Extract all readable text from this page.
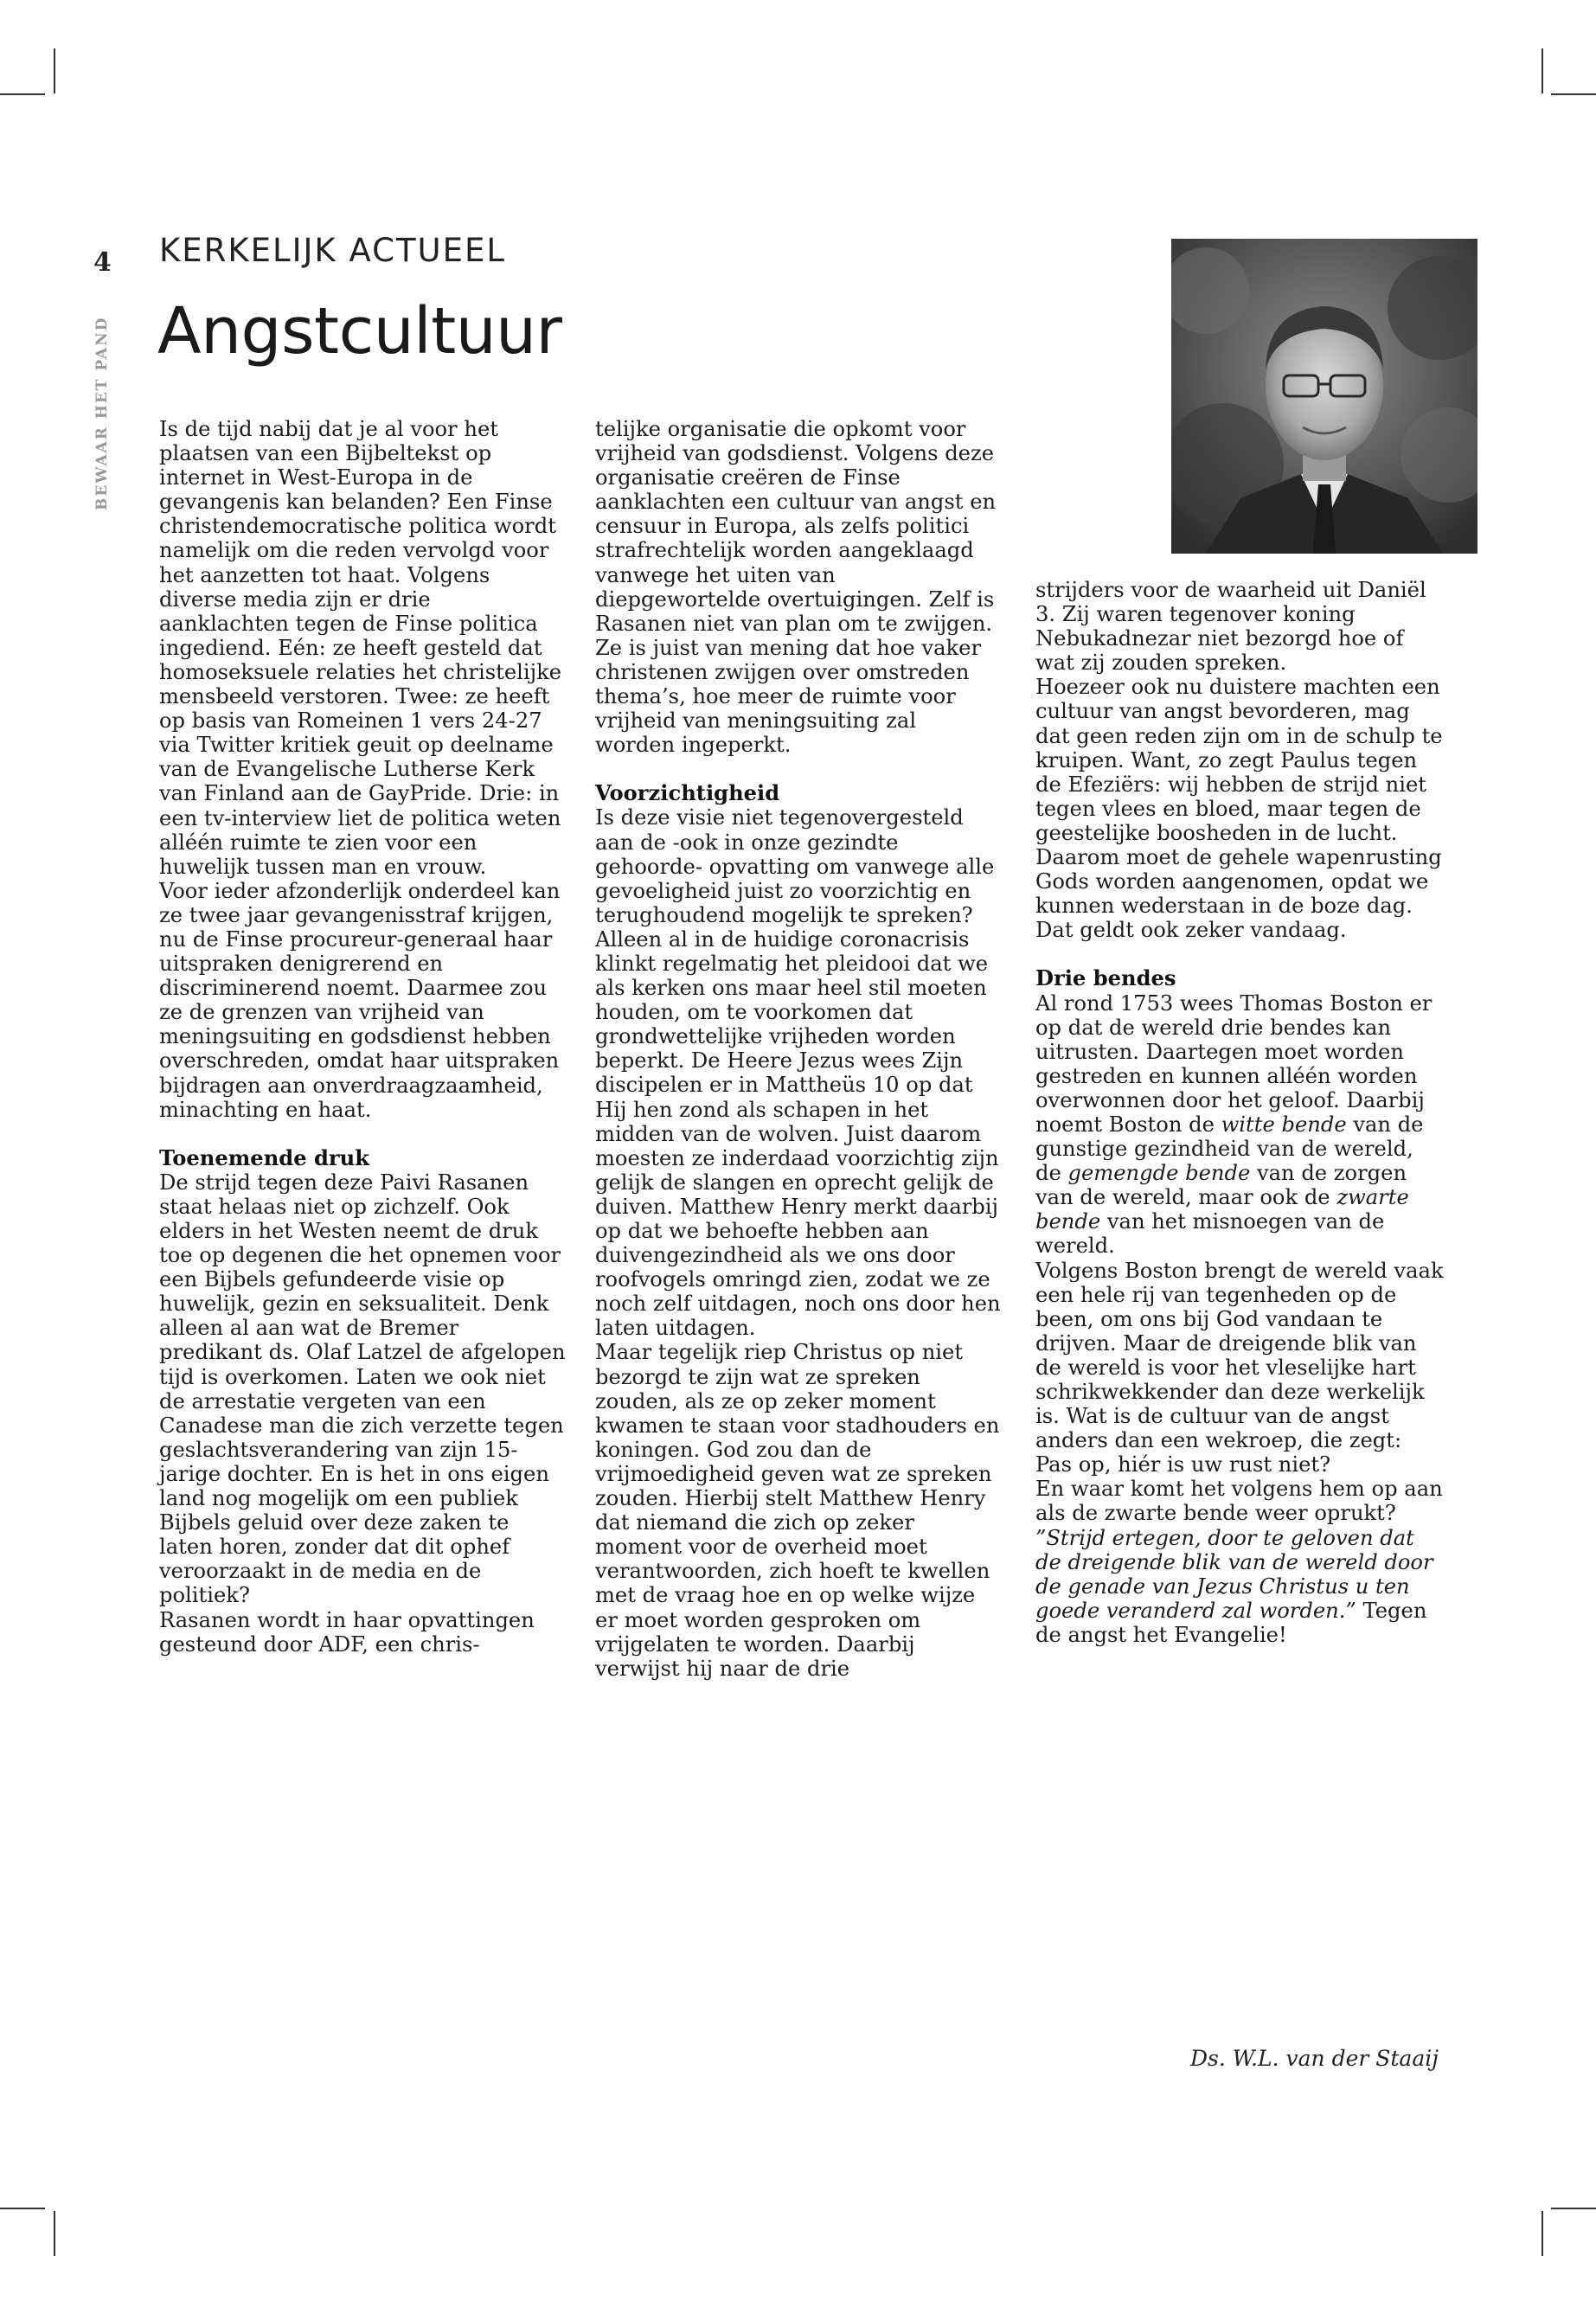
4
BEWAAR HET PAND
KERKELIJK ACTUEEL
Angstcultuur

Is de tijd nabij dat je al voor het plaatsen van een Bijbeltekst op internet in West-Europa in de gevangenis kan belanden? Een Finse christendemocratische politica wordt namelijk om die reden vervolgd voor het aanzetten tot haat. Volgens diverse media zijn er drie aanklachten tegen de Finse politica ingediend. Eén: ze heeft gesteld dat homoseksuele relaties het christelijke mensbeeld verstoren. Twee: ze heeft op basis van Romeinen 1 vers 24-27 via Twitter kritiek geuit op deelname van de Evangelische Lutherse Kerk van Finland aan de GayPride. Drie: in een tv-interview liet de politica weten alléén ruimte te zien voor een huwelijk tussen man en vrouw.

Voor ieder afzonderlijk onderdeel kan ze twee jaar gevangenisstraf krijgen, nu de Finse procureur-generaal haar uitspraken denigrerend en discriminerend noemt. Daarmee zou ze de grenzen van vrijheid van meningsuiting en godsdienst hebben overschreden, omdat haar uitspraken bijdragen aan onverdraagzaamheid, minachting en haat.

Toenemende druk

De strijd tegen deze Paivi Rasanen staat helaas niet op zichzelf. Ook elders in het Westen neemt de druk toe op degenen die het opnemen voor een Bijbels gefundeerde visie op huwelijk, gezin en seksualiteit. Denk alleen al aan wat de Bremer predikant ds. Olaf Latzel de afgelopen tijd is overkomen. Laten we ook niet de arrestatie vergeten van een Canadese man die zich verzette tegen geslachtsverandering van zijn 15-jarige dochter. En is het in ons eigen land nog mogelijk om een publiek Bijbels geluid over deze zaken te laten horen, zonder dat dit ophef veroorzaakt in de media en de politiek?

Rasanen wordt in haar opvattingen gesteund door ADF, een chris-

telijke organisatie die opkomt voor vrijheid van godsdienst. Volgens deze organisatie creëren de Finse aanklachten een cultuur van angst en censuur in Europa, als zelfs politici strafrechtelijk worden aangeklaagd vanwege het uiten van diepgewortelde overtuigingen. Zelf is Rasanen niet van plan om te zwijgen. Ze is juist van mening dat hoe vaker christenen zwijgen over omstreden thema’s, hoe meer de ruimte voor vrijheid van meningsuiting zal worden ingeperkt.

Voorzichtigheid

Is deze visie niet tegenovergesteld aan de -ook in onze gezindte gehoorde- opvatting om vanwege alle gevoeligheid juist zo voorzichtig en terughoudend mogelijk te spreken? Alleen al in de huidige coronacrisis klinkt regelmatig het pleidooi dat we als kerken ons maar heel stil moeten houden, om te voorkomen dat grondwettelijke vrijheden worden beperkt. De Heere Jezus wees Zijn discipelen er in Mattheüs 10 op dat Hij hen zond als schapen in het midden van de wolven. Juist daarom moesten ze inderdaad voorzichtig zijn gelijk de slangen en oprecht gelijk de duiven. Matthew Henry merkt daarbij op dat we behoefte hebben aan duivengezindheid als we ons door roofvogels omringd zien, zodat we ze noch zelf uitdagen, noch ons door hen laten uitdagen.

Maar tegelijk riep Christus op niet bezorgd te zijn wat ze spreken zouden, als ze op zeker moment kwamen te staan voor stadhouders en koningen. God zou dan de vrijmoedigheid geven wat ze spreken zouden. Hierbij stelt Matthew Henry dat niemand die zich op zeker moment voor de overheid moet verantwoorden, zich hoeft te kwellen met de vraag hoe en op welke wijze er moet worden gesproken om vrijgelaten te worden. Daarbij verwijst hij naar de drie

strijders voor de waarheid uit Daniël 3. Zij waren tegenover koning Nebukadnezar niet bezorgd hoe of wat zij zouden spreken.

Hoezeer ook nu duistere machten een cultuur van angst bevorderen, mag dat geen reden zijn om in de schulp te kruipen. Want, zo zegt Paulus tegen de Efeziërs: wij hebben de strijd niet tegen vlees en bloed, maar tegen de geestelijke boosheden in de lucht. Daarom moet de gehele wapenrusting Gods worden aangenomen, opdat we kunnen wederstaan in de boze dag. Dat geldt ook zeker vandaag.

Drie bendes

Al rond 1753 wees Thomas Boston er op dat de wereld drie bendes kan uitrusten. Daartegen moet worden gestreden en kunnen alléén worden overwonnen door het geloof. Daarbij noemt Boston de witte bende van de gunstige gezindheid van de wereld, de gemengde bende van de zorgen van de wereld, maar ook de zwarte bende van het misnoegen van de wereld.

Volgens Boston brengt de wereld vaak een hele rij van tegenheden op de been, om ons bij God vandaan te drijven. Maar de dreigende blik van de wereld is voor het vleselijke hart schrikwekkender dan deze werkelijk is. Wat is de cultuur van de angst anders dan een wekroep, die zegt: Pas op, hiér is uw rust niet?

En waar komt het volgens hem op aan als de zwarte bende weer oprukt? ”Strijd ertegen, door te geloven dat de dreigende blik van de wereld door de genade van Jezus Christus u ten goede veranderd zal worden.” Tegen de angst het Evangelie!

Ds. W.L. van der Staaij
